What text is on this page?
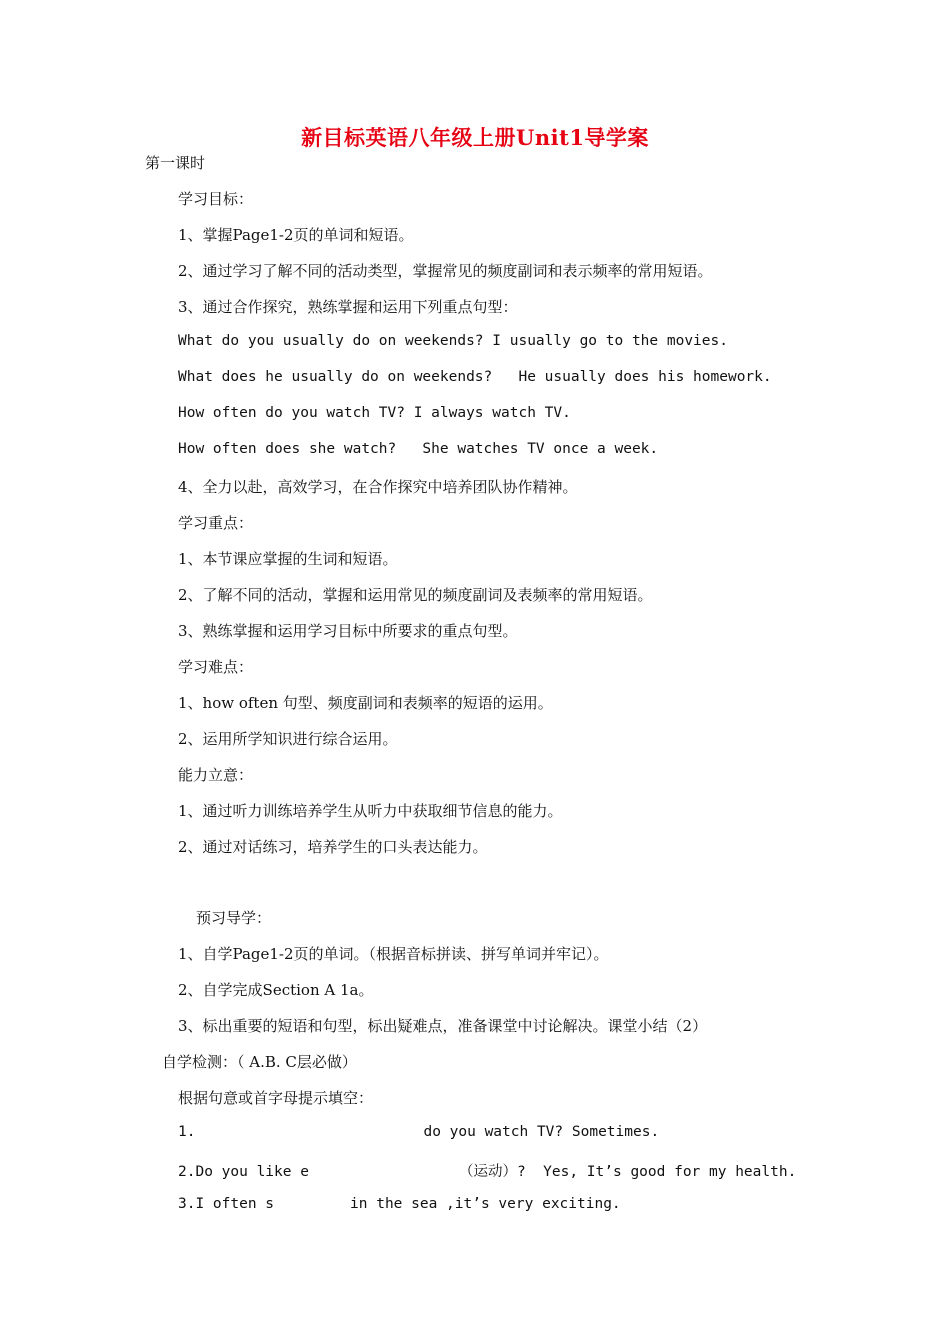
新目标英语八年级上册Unit1导学案
第一课时
学习目标：
1、掌握Page1-2页的单词和短语。
2、通过学习了解不同的活动类型，掌握常见的频度副词和表示频率的常用短语。
3、通过合作探究，熟练掌握和运用下列重点句型：
What do you usually do on weekends? I usually go to the movies.
What does he usually do on weekends?   He usually does his homework.
How often do you watch TV? I always watch TV.
How often does she watch?   She watches TV once a week.
4、全力以赴，高效学习，在合作探究中培养团队协作精神。
学习重点：
1、本节课应掌握的生词和短语。
2、了解不同的活动，掌握和运用常见的频度副词及表频率的常用短语。
3、熟练掌握和运用学习目标中所要求的重点句型。
学习难点：
1、how often 句型、频度副词和表频率的短语的运用。
2、运用所学知识进行综合运用。
能力立意：
1、通过听力训练培养学生从听力中获取细节信息的能力。
2、通过对话练习，培养学生的口头表达能力。
预习导学：
1、自学Page1-2页的单词。（根据音标拼读、拼写单词并牢记）。
2、自学完成Section A 1a。
3、标出重要的短语和句型，标出疑难点，准备课堂中讨论解决。课堂小结（2）
自学检测：（ A.B. C层必做）
根据句意或首字母提示填空：
1.	do you watch TV? Sometimes.
2.Do you like e	（运动）?  Yes, It’s good for my health.
3.I often s	in the sea ,it’s very exciting.
